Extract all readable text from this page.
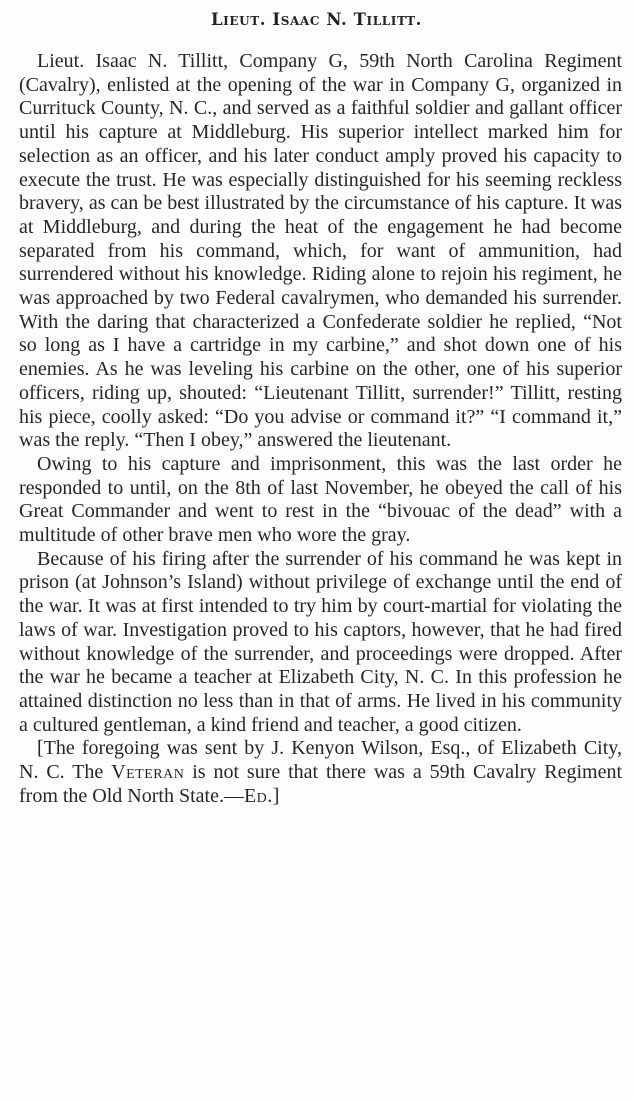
Lieut. Isaac N. Tillitt.

Lieut. Isaac N. Tillitt, Company G, 59th North Carolina Regiment (Cavalry), enlisted at the opening of the war in Company G, organized in Currituck County, N. C., and served as a faithful soldier and gallant officer until his capture at Middleburg. His superior intellect marked him for selection as an officer, and his later conduct amply proved his capacity to execute the trust. He was especially distinguished for his seeming reckless bravery, as can be best illustrated by the circumstance of his capture. It was at Middleburg, and during the heat of the engagement he had become separated from his command, which, for want of ammunition, had surrendered without his knowledge. Riding alone to rejoin his regiment, he was approached by two Federal cavalrymen, who demanded his surrender. With the daring that characterized a Confederate soldier he replied, “Not so long as I have a cartridge in my carbine,” and shot down one of his enemies. As he was leveling his carbine on the other, one of his superior officers, riding up, shouted: “Lieutenant Tillitt, surrender!” Tillitt, resting his piece, coolly asked: “Do you advise or command it?” “I command it,” was the reply. “Then I obey,” answered the lieutenant.

Owing to his capture and imprisonment, this was the last order he responded to until, on the 8th of last November, he obeyed the call of his Great Commander and went to rest in the “bivouac of the dead” with a multitude of other brave men who wore the gray.

Because of his firing after the surrender of his command he was kept in prison (at Johnson’s Island) without privilege of exchange until the end of the war. It was at first intended to try him by court-martial for violating the laws of war. Investigation proved to his captors, however, that he had fired without knowledge of the surrender, and proceedings were dropped. After the war he became a teacher at Elizabeth City, N. C. In this profession he attained distinction no less than in that of arms. He lived in his community a cultured gentleman, a kind friend and teacher, a good citizen.

[The foregoing was sent by J. Kenyon Wilson, Esq., of Elizabeth City, N. C. The Veteran is not sure that there was a 59th Cavalry Regiment from the Old North State.—Ed.]
